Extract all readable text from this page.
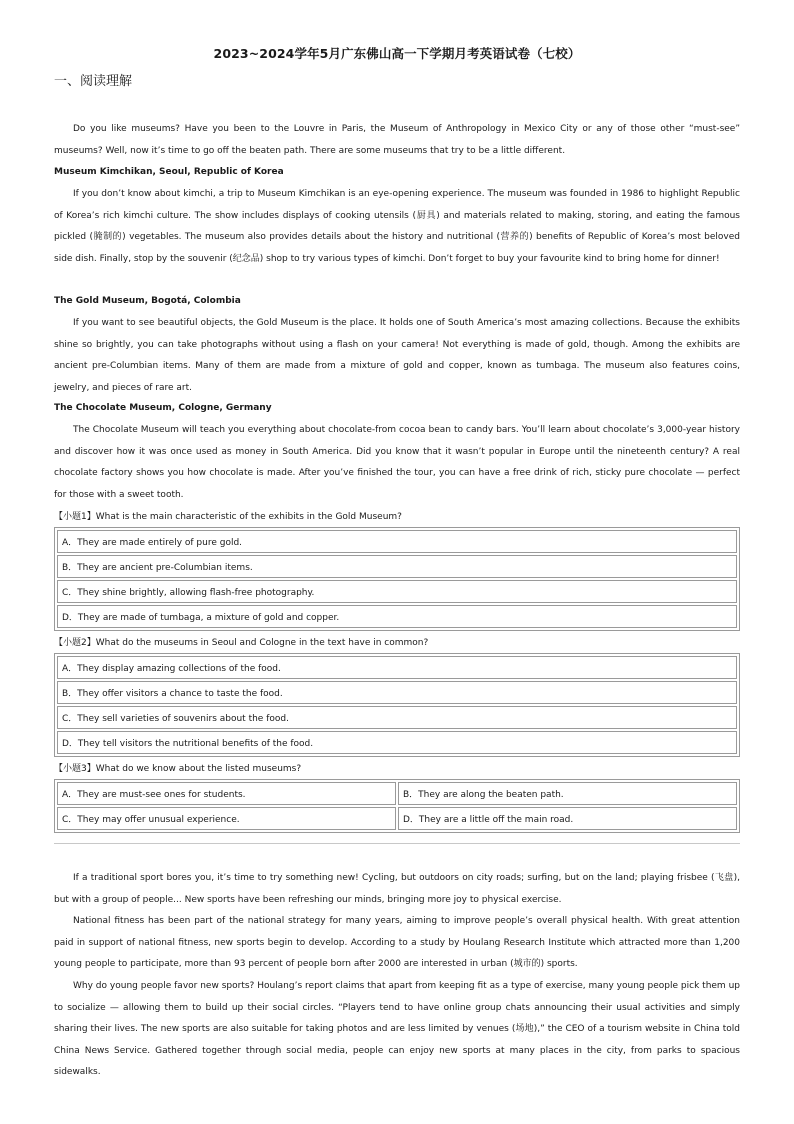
2023~2024学年5月广东佛山高一下学期月考英语试卷（七校）
一、阅读理解

Do you like museums? Have you been to the Louvre in Paris, the Museum of Anthropology in Mexico City or any of those other “must-see” museums? Well, now it’s time to go off the beaten path. There are some museums that try to be a little different.

Museum Kimchikan, Seoul, Republic of Korea

If you don’t know about kimchi, a trip to Museum Kimchikan is an eye-opening experience. The museum was founded in 1986 to highlight Republic of Korea’s rich kimchi culture. The show includes displays of cooking utensils (厨具) and materials related to making, storing, and eating the famous pickled (腌制的) vegetables. The museum also provides details about the history and nutritional (营养的) benefits of Republic of Korea’s most beloved side dish. Finally, stop by the souvenir (纪念品) shop to try various types of kimchi. Don’t forget to buy your favourite kind to bring home for dinner!

The Gold Museum, Bogotá, Colombia

If you want to see beautiful objects, the Gold Museum is the place. It holds one of South America’s most amazing collections. Because the exhibits shine so brightly, you can take photographs without using a flash on your camera! Not everything is made of gold, though. Among the exhibits are ancient pre-Columbian items. Many of them are made from a mixture of gold and copper, known as tumbaga. The museum also features coins, jewelry, and pieces of rare art.

The Chocolate Museum, Cologne, Germany

The Chocolate Museum will teach you everything about chocolate-from cocoa bean to candy bars. You’ll learn about chocolate’s 3,000-year history and discover how it was once used as money in South America. Did you know that it wasn’t popular in Europe until the nineteenth century? A real chocolate factory shows you how chocolate is made. After you’ve finished the tour, you can have a free drink of rich, sticky pure chocolate — perfect for those with a sweet tooth.

【小题1】What is the main characteristic of the exhibits in the Gold Museum?
A．They are made entirely of pure gold.
B．They are ancient pre-Columbian items.
C．They shine brightly, allowing flash-free photography.
D．They are made of tumbaga, a mixture of gold and copper.
【小题2】What do the museums in Seoul and Cologne in the text have in common?
A．They display amazing collections of the food.
B．They offer visitors a chance to taste the food.
C．They sell varieties of souvenirs about the food.
D．They tell visitors the nutritional benefits of the food.
【小题3】What do we know about the listed museums?
A．They are must-see ones for students.	B．They are along the beaten path.
C．They may offer unusual experience.	D．They are a little off the main road.

If a traditional sport bores you, it’s time to try something new! Cycling, but outdoors on city roads; surfing, but on the land; playing frisbee (飞盘), but with a group of people... New sports have been refreshing our minds, bringing more joy to physical exercise.

National fitness has been part of the national strategy for many years, aiming to improve people’s overall physical health. With great attention paid in support of national fitness, new sports begin to develop. According to a study by Houlang Research Institute which attracted more than 1,200 young people to participate, more than 93 percent of people born after 2000 are interested in urban (城市的) sports.

Why do young people favor new sports? Houlang’s report claims that apart from keeping fit as a type of exercise, many young people pick them up to socialize — allowing them to build up their social circles. “Players tend to have online group chats announcing their usual activities and simply sharing their lives. The new sports are also suitable for taking photos and are less limited by venues (场地),” the CEO of a tourism website in China told China News Service. Gathered together through social media, people can enjoy new sports at many places in the city, from parks to spacious sidewalks.
